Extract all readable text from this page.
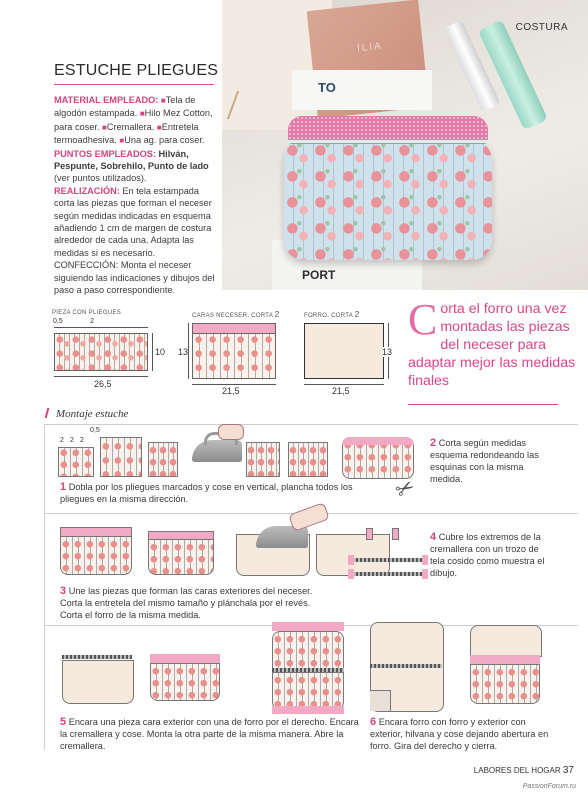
ILIA
TO
PORT
COSTURA
ESTUCHE PLIEGUES
MATERIAL EMPLEADO: ■Tela de algodón estampada. ■Hilo Mez Cotton, para coser. ■Cremallera. ■Entretela termoadhesiva. ■Una ag. para coser.
PUNTOS EMPLEADOS: Hilván, Pespunte, Sobrehilo, Punto de lado (ver puntos utilizados).
REALIZACIÓN: En tela estampada corta las piezas que forman el neceser según medidas indicadas en esquema añadiendo 1 cm de margen de costura alrededor de cada una. Adapta las medidas si es necesario.
CONFECCIÓN: Monta el neceser siguiendo las indicaciones y dibujos del paso a paso correspondiente.
PIEZA CON PLIEGUES
0,5	2
10
26,5
CARAS NECESER, CORTA 2
13
21,5
FORRO, CORTA 2
13
21,5
Corta el forro una vez montadas las piezas del neceser para adaptar mejor las medidas finales
Montaje estuche
0,5
2 2 2
✂
1 Dobla por los pliegues marcados y cose en vertical, plancha todos los pliegues en la misma dirección.
2 Corta según medidas esquema redondeando las esquinas con la misma medida.
3 Une las piezas que forman las caras exteriores del neceser. Corta la entretela del mismo tamaño y plánchala por el revés. Corta el forro de la misma medida.
4 Cubre los extremos de la cremallera con un trozo de tela cosido como muestra el dibujo.
5 Encara una pieza cara exterior con una de forro por el derecho. Encara la cremallera y cose. Monta la otra parte de la misma manera. Abre la cremallera.
6 Encara forro con forro y exterior con exterior, hilvana y cose dejando abertura en forro. Gira del derecho y cierra.
LABORES DEL HOGAR 37
PassionForum.ru
